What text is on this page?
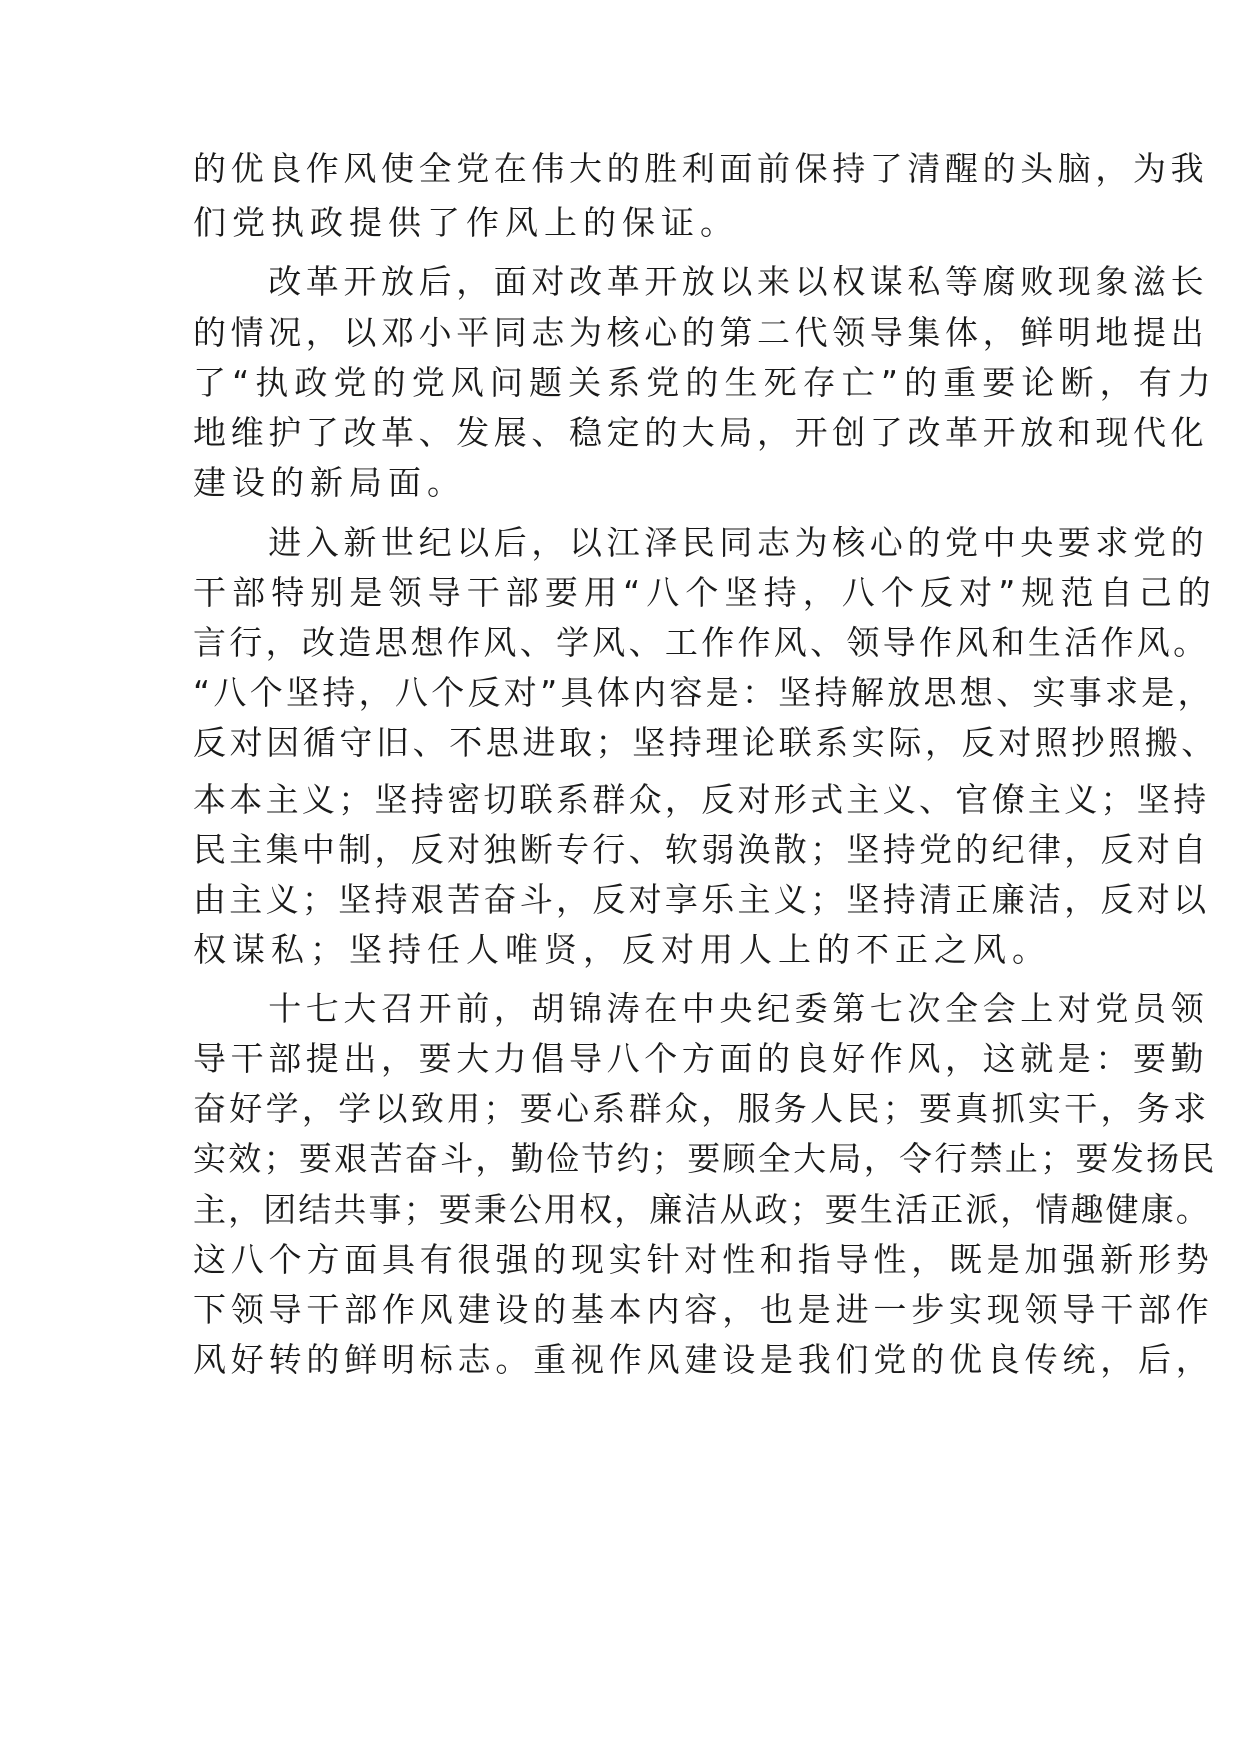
的优良作风使全党在伟大的胜利面前保持了清醒的头脑，为我
们党执政提供了作风上的保证。
　　改革开放后，面对改革开放以来以权谋私等腐败现象滋长
的情况，以邓小平同志为核心的第二代领导集体，鲜明地提出
了“执政党的党风问题关系党的生死存亡”的重要论断，有力
地维护了改革、发展、稳定的大局，开创了改革开放和现代化
建设的新局面。
　　进入新世纪以后，以江泽民同志为核心的党中央要求党的
干部特别是领导干部要用“八个坚持，八个反对”规范自己的
言行，改造思想作风、学风、工作作风、领导作风和生活作风。
“八个坚持，八个反对”具体内容是：坚持解放思想、实事求是，
反对因循守旧、不思进取；坚持理论联系实际，反对照抄照搬、
本本主义；坚持密切联系群众，反对形式主义、官僚主义；坚持
民主集中制，反对独断专行、软弱涣散；坚持党的纪律，反对自
由主义；坚持艰苦奋斗，反对享乐主义；坚持清正廉洁，反对以
权谋私；坚持任人唯贤，反对用人上的不正之风。
　　十七大召开前，胡锦涛在中央纪委第七次全会上对党员领
导干部提出，要大力倡导八个方面的良好作风，这就是：要勤
奋好学，学以致用；要心系群众，服务人民；要真抓实干，务求
实效；要艰苦奋斗，勤俭节约；要顾全大局，令行禁止；要发扬民
主，团结共事；要秉公用权，廉洁从政；要生活正派，情趣健康。
这八个方面具有很强的现实针对性和指导性，既是加强新形势
下领导干部作风建设的基本内容，也是进一步实现领导干部作
风好转的鲜明标志。重视作风建设是我们党的优良传统，后，
